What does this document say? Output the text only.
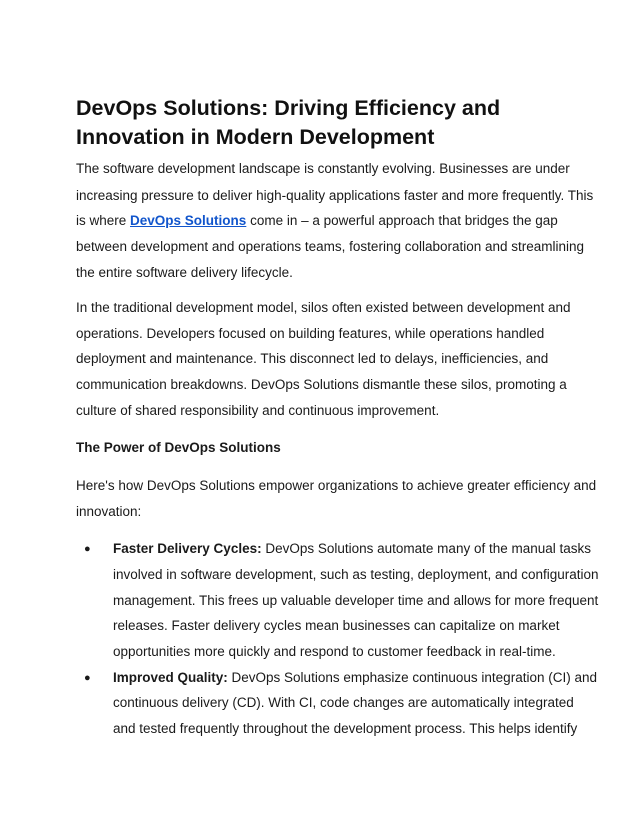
DevOps Solutions: Driving Efficiency and
Innovation in Modern Development
The software development landscape is constantly evolving. Businesses are under
increasing pressure to deliver high-quality applications faster and more frequently. This
is where DevOps Solutions come in – a powerful approach that bridges the gap
between development and operations teams, fostering collaboration and streamlining
the entire software delivery lifecycle.
In the traditional development model, silos often existed between development and
operations. Developers focused on building features, while operations handled
deployment and maintenance. This disconnect led to delays, inefficiencies, and
communication breakdowns. DevOps Solutions dismantle these silos, promoting a
culture of shared responsibility and continuous improvement.
The Power of DevOps Solutions
Here's how DevOps Solutions empower organizations to achieve greater efficiency and
innovation:
● Faster Delivery Cycles: DevOps Solutions automate many of the manual tasks
involved in software development, such as testing, deployment, and configuration
management. This frees up valuable developer time and allows for more frequent
releases. Faster delivery cycles mean businesses can capitalize on market
opportunities more quickly and respond to customer feedback in real-time.
● Improved Quality: DevOps Solutions emphasize continuous integration (CI) and
continuous delivery (CD). With CI, code changes are automatically integrated
and tested frequently throughout the development process. This helps identify
